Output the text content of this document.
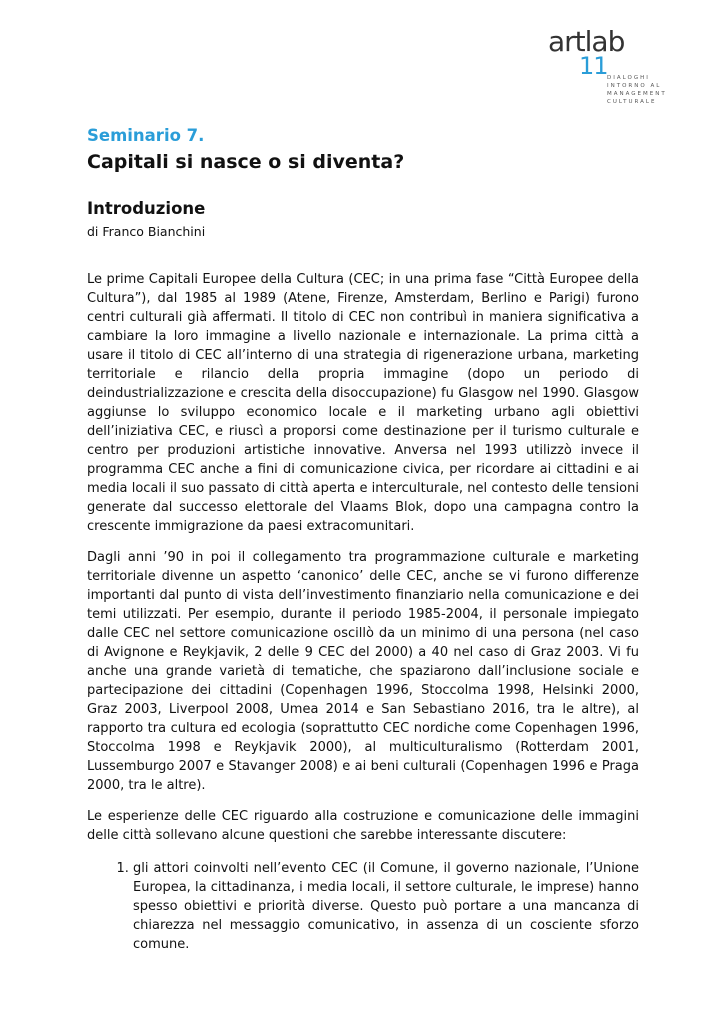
artlab
11 DIALOGHI
INTORNO AL
MANAGEMENT
CULTURALE
Seminario 7.
Capitali si nasce o si diventa?
Introduzione
di Franco Bianchini

Le prime Capitali Europee della Cultura (CEC; in una prima fase “Città Europee della Cultura”), dal 1985 al 1989 (Atene, Firenze, Amsterdam, Berlino e Parigi) furono centri culturali già affermati. Il titolo di CEC non contribuì in maniera significativa a cambiare la loro immagine a livello nazionale e internazionale. La prima città a usare il titolo di CEC all’interno di una strategia di rigenerazione urbana, marketing territoriale e rilancio della propria immagine (dopo un periodo di deindustrializzazione e crescita della disoccupazione) fu Glasgow nel 1990. Glasgow aggiunse lo sviluppo economico locale e il marketing urbano agli obiettivi dell’iniziativa CEC, e riuscì a proporsi come destinazione per il turismo culturale e centro per produzioni artistiche innovative. Anversa nel 1993 utilizzò invece il programma CEC anche a fini di comunicazione civica, per ricordare ai cittadini e ai media locali il suo passato di città aperta e interculturale, nel contesto delle tensioni generate dal successo elettorale del Vlaams Blok, dopo una campagna contro la crescente immigrazione da paesi extracomunitari.

Dagli anni ’90 in poi il collegamento tra programmazione culturale e marketing territoriale divenne un aspetto ‘canonico’ delle CEC, anche se vi furono differenze importanti dal punto di vista dell’investimento finanziario nella comunicazione e dei temi utilizzati. Per esempio, durante il periodo 1985-2004, il personale impiegato dalle CEC nel settore comunicazione oscillò da un minimo di una persona (nel caso di Avignone e Reykjavik, 2 delle 9 CEC del 2000) a 40 nel caso di Graz 2003. Vi fu anche una grande varietà di tematiche, che spaziarono dall’inclusione sociale e partecipazione dei cittadini (Copenhagen 1996, Stoccolma 1998, Helsinki 2000, Graz 2003, Liverpool 2008, Umea 2014 e San Sebastiano 2016, tra le altre), al rapporto tra cultura ed ecologia (soprattutto CEC nordiche come Copenhagen 1996, Stoccolma 1998 e Reykjavik 2000), al multiculturalismo (Rotterdam 2001, Lussemburgo 2007 e Stavanger 2008) e ai beni culturali (Copenhagen 1996 e Praga 2000, tra le altre).

Le esperienze delle CEC riguardo alla costruzione e comunicazione delle immagini delle città sollevano alcune questioni che sarebbe interessante discutere:

1. gli attori coinvolti nell’evento CEC (il Comune, il governo nazionale, l’Unione Europea, la cittadinanza, i media locali, il settore culturale, le imprese) hanno spesso obiettivi e priorità diverse. Questo può portare a una mancanza di chiarezza nel messaggio comunicativo, in assenza di un cosciente sforzo comune.
